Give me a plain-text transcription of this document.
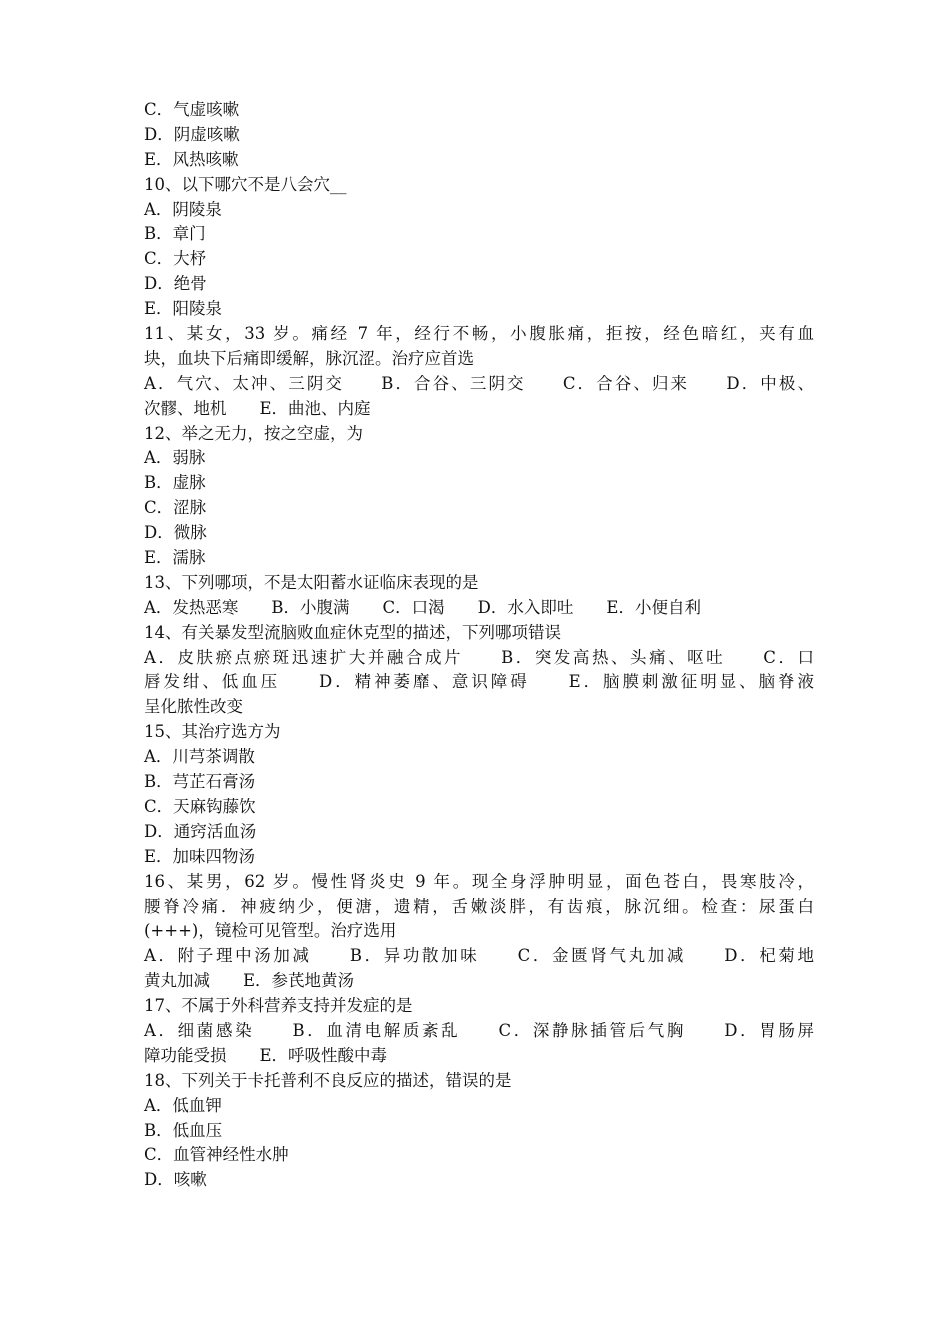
C．气虚咳嗽
D．阴虚咳嗽
E．风热咳嗽
10、以下哪穴不是八会穴__
A．阴陵泉
B．章门
C．大杼
D．绝骨
E．阳陵泉
11、某女，33 岁。痛经 7 年，经行不畅，小腹胀痛，拒按，经色暗红，夹有血
块，血块下后痛即缓解，脉沉涩。治疗应首选
A．气穴、太冲、三阴交　　B．合谷、三阴交　　C．合谷、归来　　D．中极、
次髎、地机　　E．曲池、内庭
12、举之无力，按之空虚，为
A．弱脉
B．虚脉
C．涩脉
D．微脉
E．濡脉
13、下列哪项，不是太阳蓄水证临床表现的是
A．发热恶寒　　B．小腹满　　C．口渴　　D．水入即吐　　E．小便自利
14、有关暴发型流脑败血症休克型的描述，下列哪项错误
A．皮肤瘀点瘀斑迅速扩大并融合成片　　B．突发高热、头痛、呕吐　　C．口
唇发绀、低血压　　D．精神萎靡、意识障碍　　E．脑膜刺激征明显、脑脊液
呈化脓性改变
15、其治疗选方为
A．川芎茶调散
B．芎芷石膏汤
C．天麻钩藤饮
D．通窍活血汤
E．加味四物汤
16、某男，62 岁。慢性肾炎史 9 年。现全身浮肿明显，面色苍白，畏寒肢冷，
腰脊冷痛．神疲纳少，便溏，遗精，舌嫩淡胖，有齿痕，脉沉细。检查：尿蛋白
(+++)，镜检可见管型。治疗选用
A．附子理中汤加减　　B．异功散加味　　C．金匮肾气丸加减　　D．杞菊地
黄丸加减　　E．参芪地黄汤
17、不属于外科营养支持并发症的是
A．细菌感染　　B．血清电解质紊乱　　C．深静脉插管后气胸　　D．胃肠屏
障功能受损　　E．呼吸性酸中毒
18、下列关于卡托普利不良反应的描述，错误的是
A．低血钾
B．低血压
C．血管神经性水肿
D．咳嗽
